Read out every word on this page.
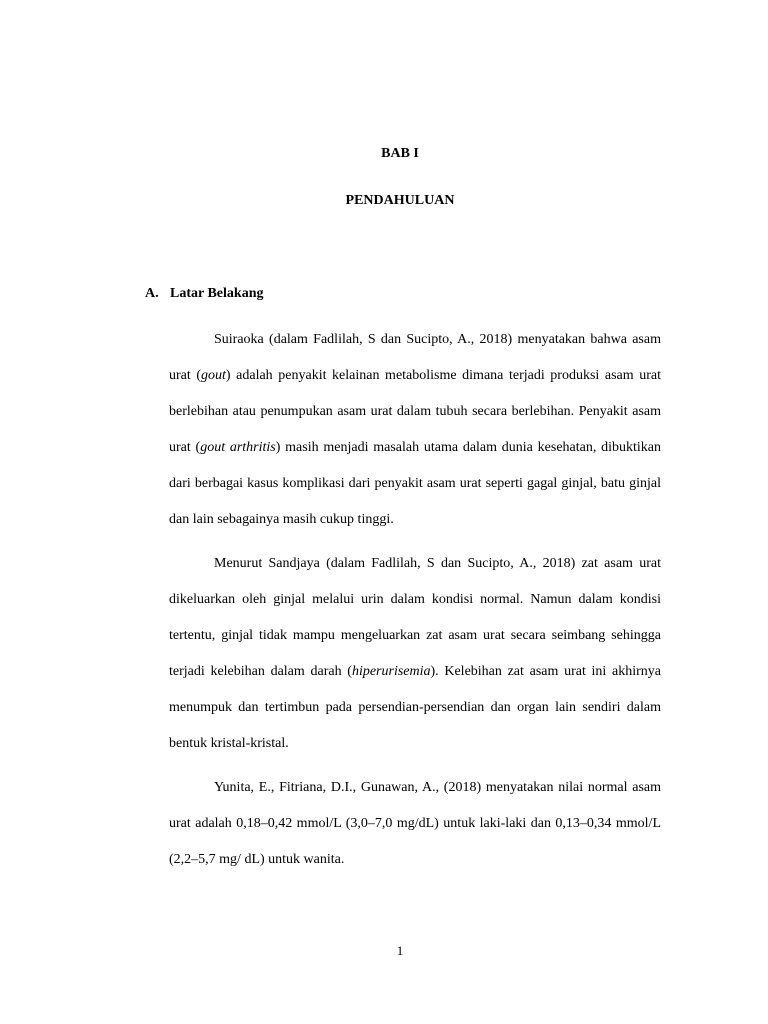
BAB I
PENDAHULUAN
A. Latar Belakang

Suiraoka (dalam Fadlilah, S dan Sucipto, A., 2018) menyatakan bahwa asam urat (gout) adalah penyakit kelainan metabolisme dimana terjadi produksi asam urat berlebihan atau penumpukan asam urat dalam tubuh secara berlebihan. Penyakit asam urat (gout arthritis) masih menjadi masalah utama dalam dunia kesehatan, dibuktikan dari berbagai kasus komplikasi dari penyakit asam urat seperti gagal ginjal, batu ginjal dan lain sebagainya masih cukup tinggi.

Menurut Sandjaya (dalam Fadlilah, S dan Sucipto, A., 2018) zat asam urat dikeluarkan oleh ginjal melalui urin dalam kondisi normal. Namun dalam kondisi tertentu, ginjal tidak mampu mengeluarkan zat asam urat secara seimbang sehingga terjadi kelebihan dalam darah (hiperurisemia). Kelebihan zat asam urat ini akhirnya menumpuk dan tertimbun pada persendian-persendian dan organ lain sendiri dalam bentuk kristal-kristal.

Yunita, E., Fitriana, D.I., Gunawan, A., (2018) menyatakan nilai normal asam urat adalah 0,18–0,42 mmol/L (3,0–7,0 mg/dL) untuk laki-laki dan 0,13–0,34 mmol/L (2,2–5,7 mg/ dL) untuk wanita.

1
